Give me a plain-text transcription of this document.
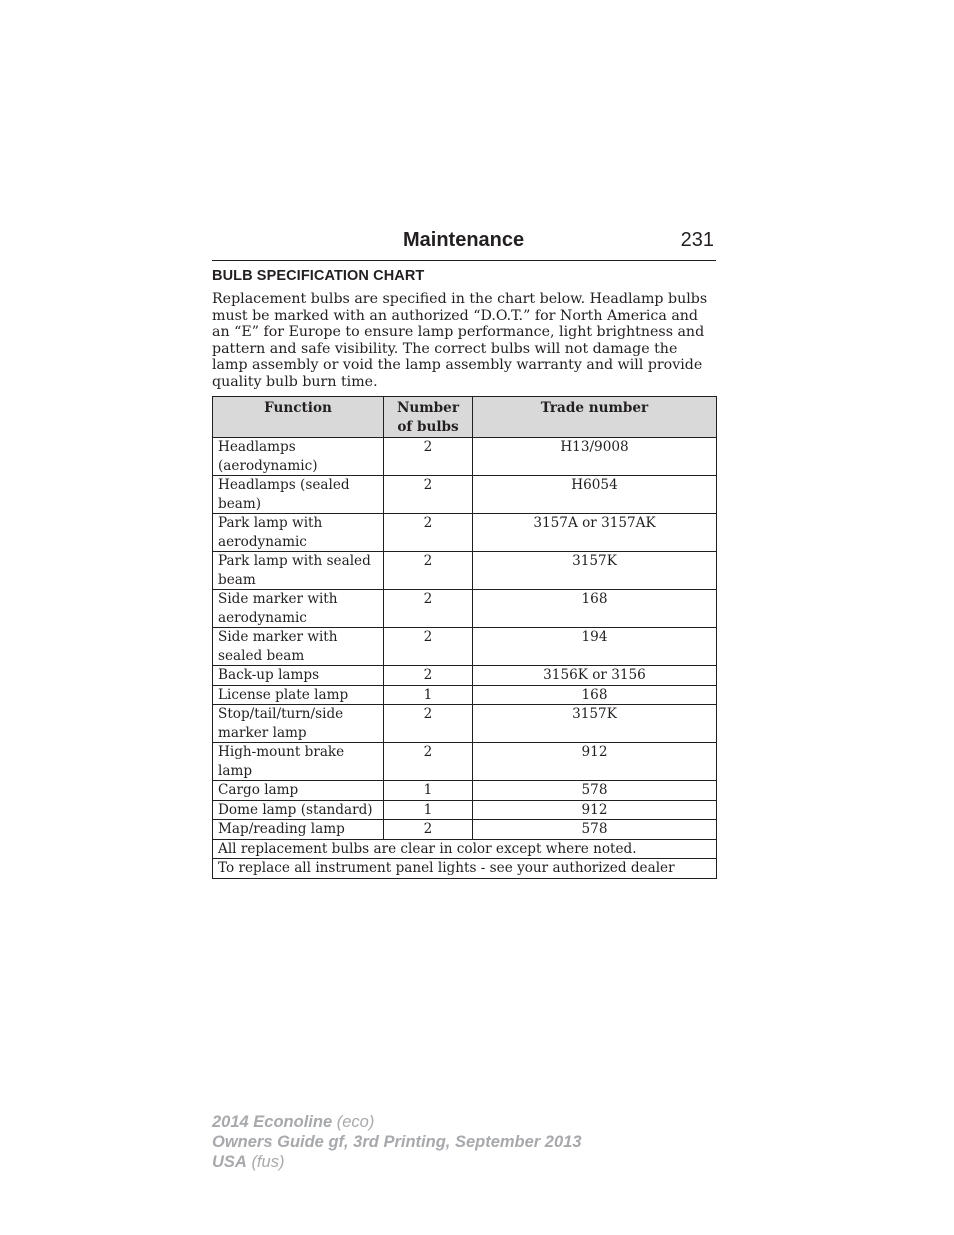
Maintenance	231
BULB SPECIFICATION CHART

Replacement bulbs are specified in the chart below. Headlamp bulbs must be marked with an authorized “D.O.T.” for North America and an “E” for Europe to ensure lamp performance, light brightness and pattern and safe visibility. The correct bulbs will not damage the lamp assembly or void the lamp assembly warranty and will provide quality bulb burn time.

Function	Number of bulbs	Trade number
Headlamps (aerodynamic)	2	H13/9008
Headlamps (sealed beam)	2	H6054
Park lamp with aerodynamic	2	3157A or 3157AK
Park lamp with sealed beam	2	3157K
Side marker with aerodynamic	2	168
Side marker with sealed beam	2	194
Back-up lamps	2	3156K or 3156
License plate lamp	1	168
Stop/tail/turn/side marker lamp	2	3157K
High-mount brake lamp	2	912
Cargo lamp	1	578
Dome lamp (standard)	1	912
Map/reading lamp	2	578
All replacement bulbs are clear in color except where noted.		
To replace all instrument panel lights - see your authorized dealer		
2014 Econoline (eco)
Owners Guide gf, 3rd Printing, September 2013
USA (fus)
